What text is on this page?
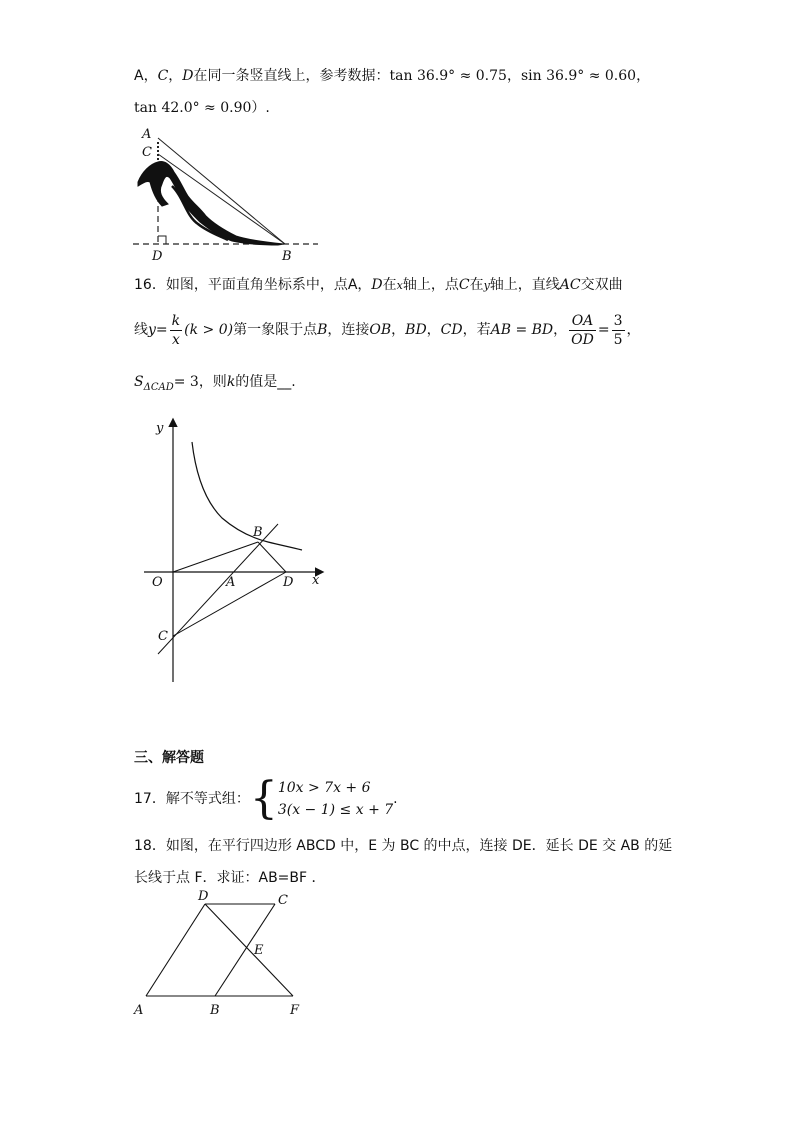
A，C，D在同一条竖直线上，参考数据：tan 36.9° ≈ 0.75，sin 36.9° ≈ 0.60，
tan 42.0° ≈ 0.90）.
A
C
D	B
16．如图，平面直角坐标系中，点A，D在x轴上，点C在y轴上，直线AC交双曲
线$y= \frac{k}{x} (k > 0)$第一象限于点B，连接OB，BD，CD，若AB = BD， $\frac{OA}{OD} = \frac{3}{5}$ ，
$S_{\Delta CAD}= 3$，则k的值是__.
y
x
O	A	D
B
C
三、解答题
17．解不等式组：{ 10x > 7x + 6
3(x − 1) ≤ x + 7
.
18．如图，在平行四边形 ABCD 中，E 为 BC 的中点，连接 DE．延长 DE 交 AB 的延
长线于点 F．求证：AB=BF ．
D	C
E
A	B	F
